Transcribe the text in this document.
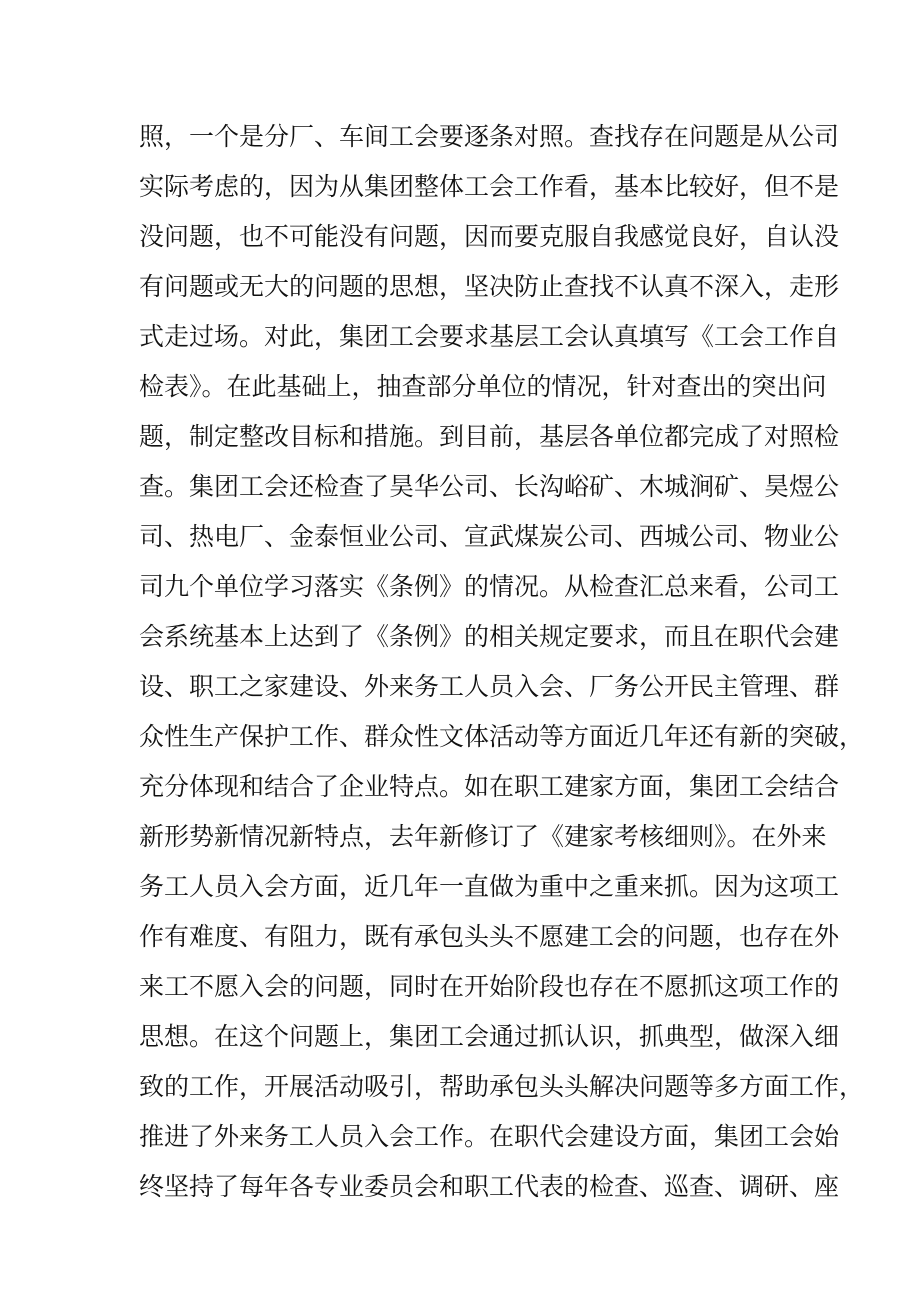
照，一个是分厂、车间工会要逐条对照。查找存在问题是从公司
实际考虑的，因为从集团整体工会工作看，基本比较好，但不是
没问题，也不可能没有问题，因而要克服自我感觉良好，自认没
有问题或无大的问题的思想，坚决防止查找不认真不深入，走形
式走过场。对此，集团工会要求基层工会认真填写《工会工作自
检表》。在此基础上，抽查部分单位的情况，针对查出的突出问
题，制定整改目标和措施。到目前，基层各单位都完成了对照检
查。集团工会还检查了昊华公司、长沟峪矿、木城涧矿、昊煜公
司、热电厂、金泰恒业公司、宣武煤炭公司、西城公司、物业公
司九个单位学习落实《条例》的情况。从检查汇总来看，公司工
会系统基本上达到了《条例》的相关规定要求，而且在职代会建
设、职工之家建设、外来务工人员入会、厂务公开民主管理、群
众性生产保护工作、群众性文体活动等方面近几年还有新的突破，
充分体现和结合了企业特点。如在职工建家方面，集团工会结合
新形势新情况新特点，去年新修订了《建家考核细则》。在外来
务工人员入会方面，近几年一直做为重中之重来抓。因为这项工
作有难度、有阻力，既有承包头头不愿建工会的问题，也存在外
来工不愿入会的问题，同时在开始阶段也存在不愿抓这项工作的
思想。在这个问题上，集团工会通过抓认识，抓典型，做深入细
致的工作，开展活动吸引，帮助承包头头解决问题等多方面工作，
推进了外来务工人员入会工作。在职代会建设方面，集团工会始
终坚持了每年各专业委员会和职工代表的检查、巡查、调研、座
